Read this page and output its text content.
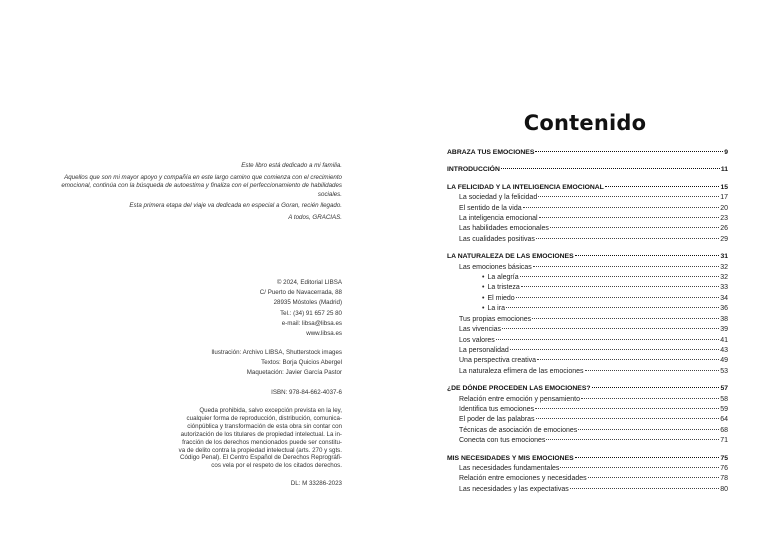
Este libro está dedicado a mi familia.

Aquellos que son mi mayor apoyo y compañía en este largo camino que comienza con el crecimiento emocional, continúa con la búsqueda de autoestima y finaliza con el perfeccionamiento de habilidades sociales.

Esta primera etapa del viaje va dedicada en especial a Goran, recién llegado.

A todos, GRACIAS.

© 2024, Editorial LIBSA
C/ Puerto de Navacerrada, 88
28935 Móstoles (Madrid)
Tel.: (34) 91 657 25 80
e-mail: libsa@libsa.es
www.libsa.es
Ilustración: Archivo LIBSA, Shutterstock images
Textos: Borja Quicios Abergel
Maquetación: Javier García Pastor
ISBN: 978-84-662-4037-6
Queda prohibida, salvo excepción prevista en la ley,
cualquier forma de reproducción, distribución, comunica-
ciónpública y transformación de esta obra sin contar con
autorización de los titulares de propiedad intelectual. La in-
fracción de los derechos mencionados puede ser constitu-
va de delito contra la propiedad intelectual (arts. 270 y sgts.
Código Penal). El Centro Español de Derechos Reprográfi-
cos vela por el respeto de los citados derechos.
DL: M 33286-2023
Contenido
ABRAZA TUS EMOCIONES	9
INTRODUCCIÓN	11
LA FELICIDAD Y LA INTELIGENCIA EMOCIONAL	15
La sociedad y la felicidad	17
El sentido de la vida	20
La inteligencia emocional	23
Las habilidades emocionales	26
Las cualidades positivas	29
LA NATURALEZA DE LAS EMOCIONES	31
Las emociones básicas	32
• La alegría	32
• La tristeza	33
• El miedo	34
• La ira	36
Tus propias emociones	38
Las vivencias	39
Los valores	41
La personalidad	43
Una perspectiva creativa	49
La naturaleza efímera de las emociones	53
¿DE DÓNDE PROCEDEN LAS EMOCIONES?	57
Relación entre emoción y pensamiento	58
Identifica tus emociones	59
El poder de las palabras	64
Técnicas de asociación de emociones	68
Conecta con tus emociones	71
MIS NECESIDADES Y MIS EMOCIONES	75
Las necesidades fundamentales	76
Relación entre emociones y necesidades	78
Las necesidades y las expectativas	80
